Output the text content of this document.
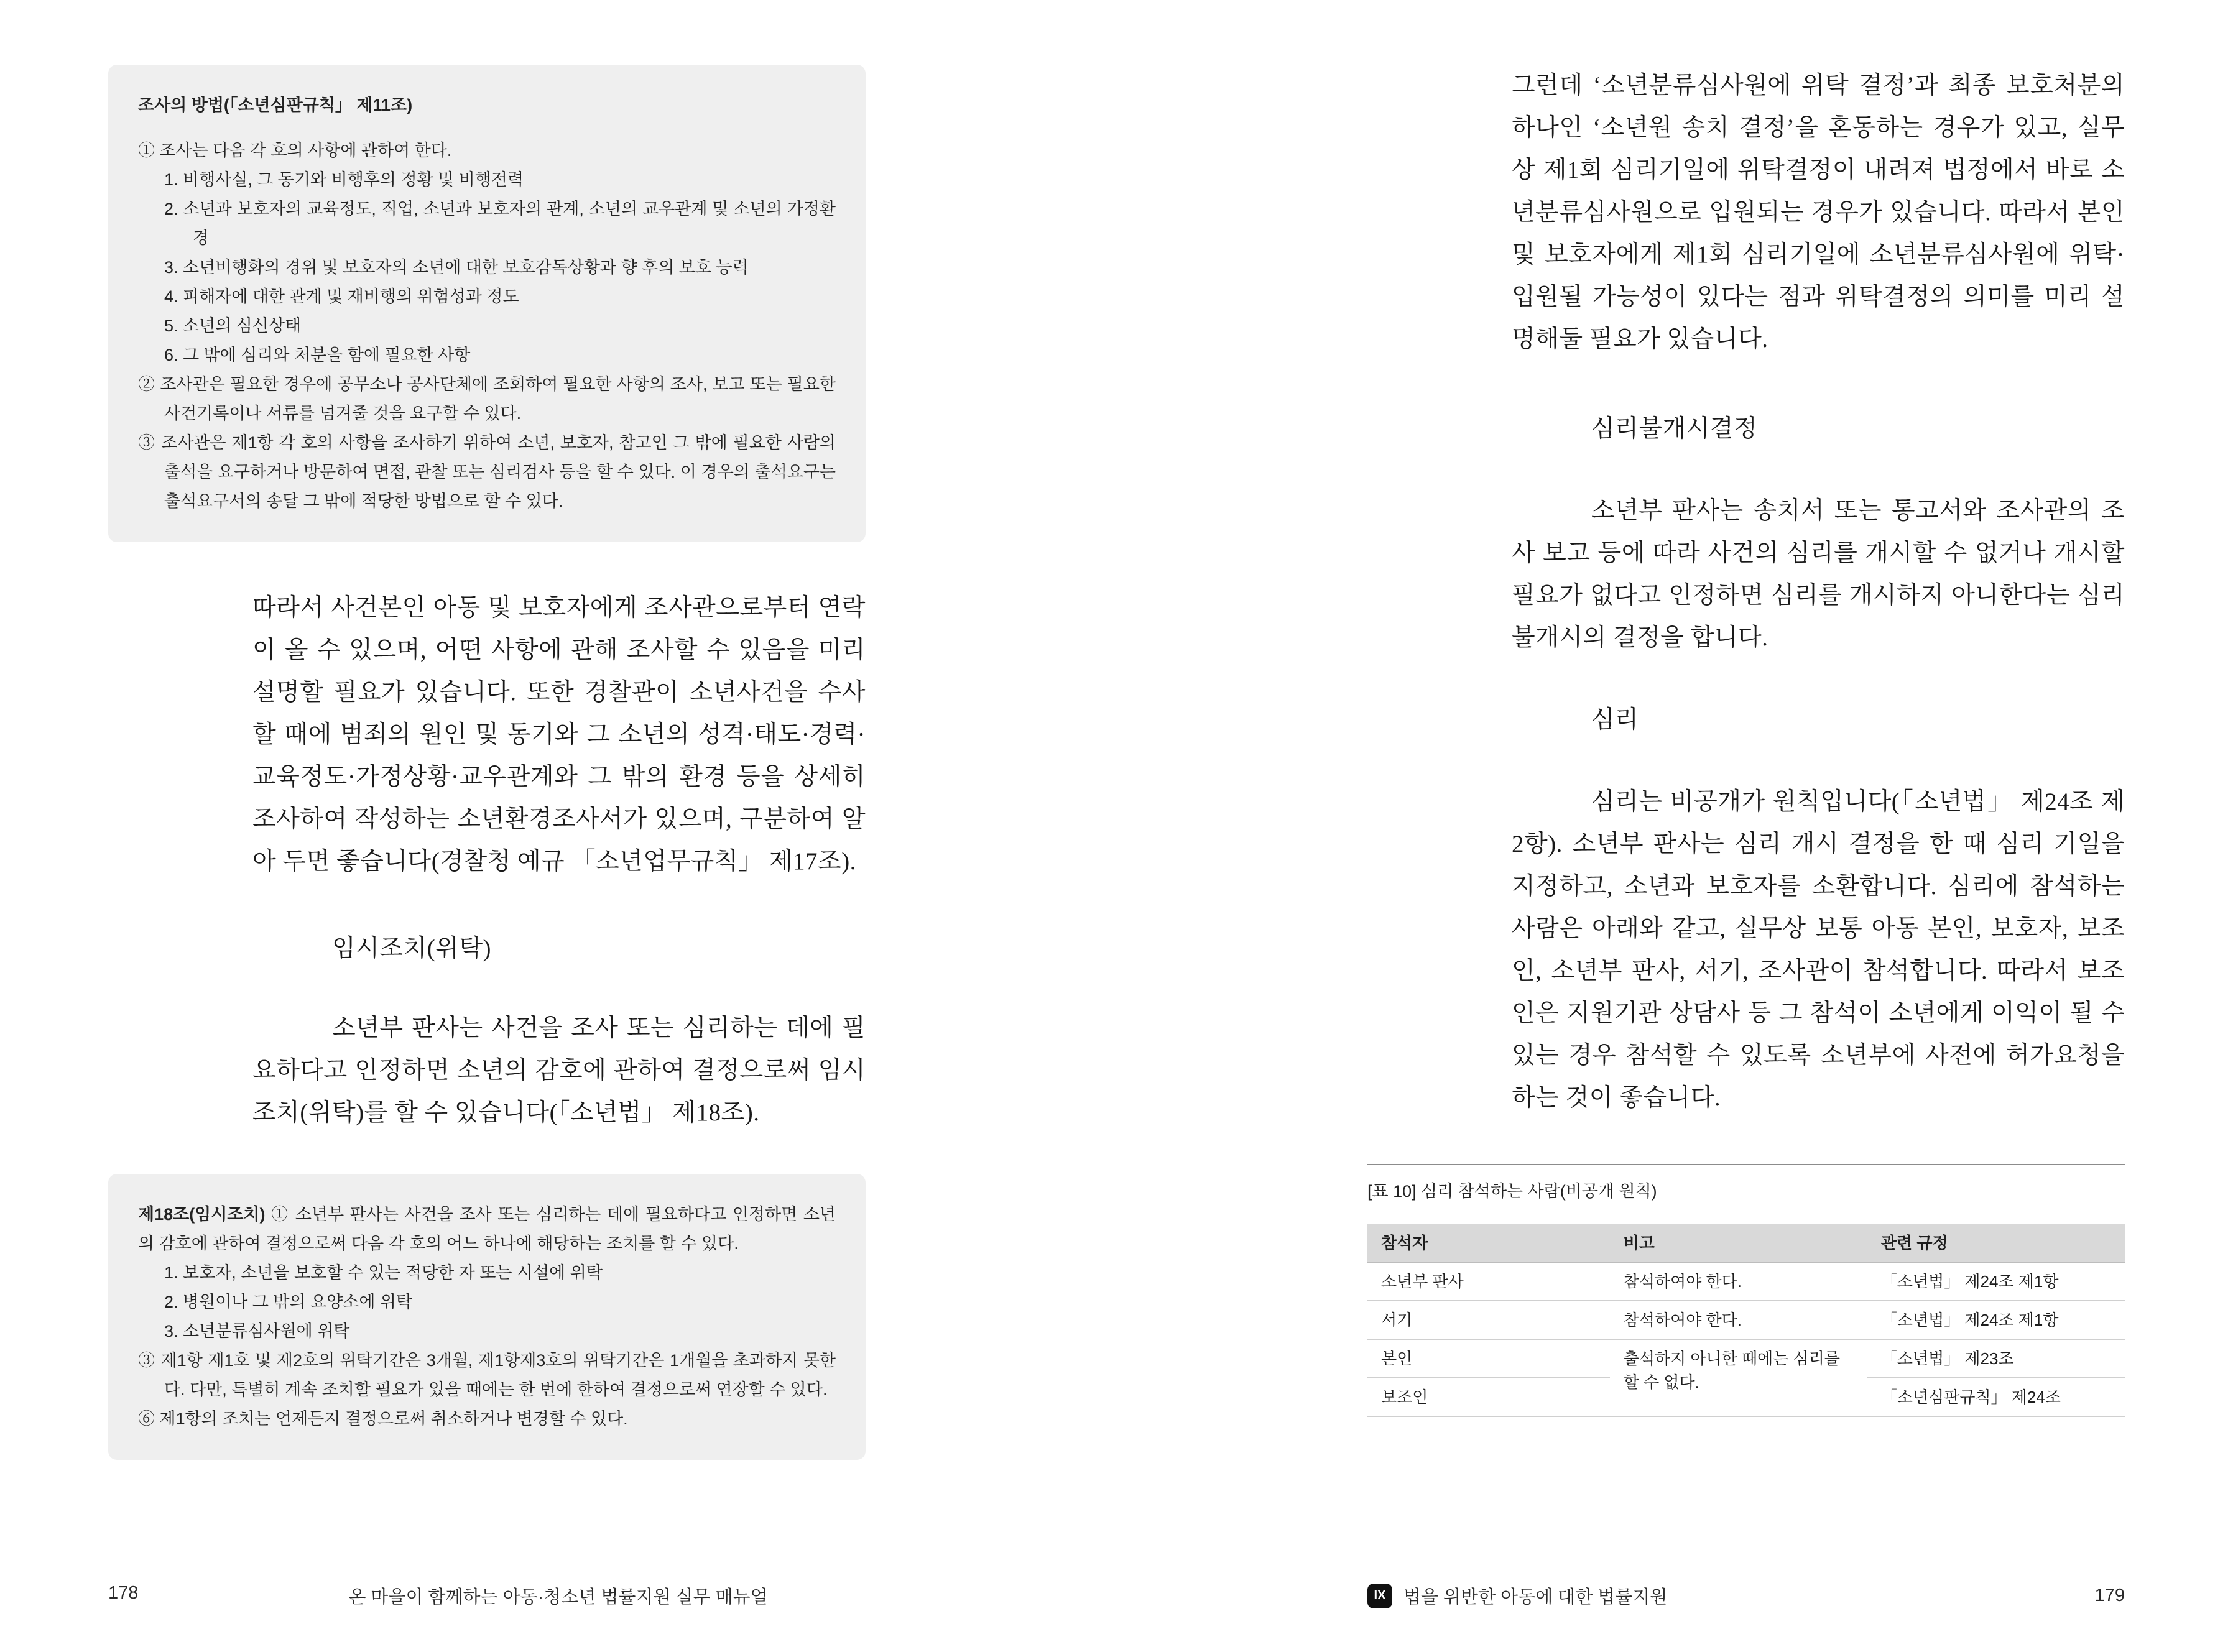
조사의 방법(「소년심판규칙」 제11조)

① 조사는 다음 각 호의 사항에 관하여 한다.

1. 비행사실, 그 동기와 비행후의 정황 및 비행전력

2. 소년과 보호자의 교육정도, 직업, 소년과 보호자의 관계, 소년의 교우관계 및 소년의 가정환경

3. 소년비행화의 경위 및 보호자의 소년에 대한 보호감독상황과 향 후의 보호 능력

4. 피해자에 대한 관계 및 재비행의 위험성과 정도

5. 소년의 심신상태

6. 그 밖에 심리와 처분을 함에 필요한 사항

② 조사관은 필요한 경우에 공무소나 공사단체에 조회하여 필요한 사항의 조사, 보고 또는 필요한 사건기록이나 서류를 넘겨줄 것을 요구할 수 있다.

③ 조사관은 제1항 각 호의 사항을 조사하기 위하여 소년, 보호자, 참고인 그 밖에 필요한 사람의 출석을 요구하거나 방문하여 면접, 관찰 또는 심리검사 등을 할 수 있다. 이 경우의 출석요구는 출석요구서의 송달 그 밖에 적당한 방법으로 할 수 있다.

따라서 사건본인 아동 및 보호자에게 조사관으로부터 연락이 올 수 있으며, 어떤 사항에 관해 조사할 수 있음을 미리 설명할 필요가 있습니다. 또한 경찰관이 소년사건을 수사할 때에 범죄의 원인 및 동기와 그 소년의 성격·태도·경력·교육정도·가정상황·교우관계와 그 밖의 환경 등을 상세히 조사하여 작성하는 소년환경조사서가 있으며, 구분하여 알아 두면 좋습니다(경찰청 예규 「소년업무규칙」 제17조).

임시조치(위탁)

소년부 판사는 사건을 조사 또는 심리하는 데에 필요하다고 인정하면 소년의 감호에 관하여 결정으로써 임시조치(위탁)를 할 수 있습니다(「소년법」 제18조).

제18조(임시조치) ① 소년부 판사는 사건을 조사 또는 심리하는 데에 필요하다고 인정하면 소년의 감호에 관하여 결정으로써 다음 각 호의 어느 하나에 해당하는 조치를 할 수 있다.

1. 보호자, 소년을 보호할 수 있는 적당한 자 또는 시설에 위탁

2. 병원이나 그 밖의 요양소에 위탁

3. 소년분류심사원에 위탁

③ 제1항 제1호 및 제2호의 위탁기간은 3개월, 제1항제3호의 위탁기간은 1개월을 초과하지 못한다. 다만, 특별히 계속 조치할 필요가 있을 때에는 한 번에 한하여 결정으로써 연장할 수 있다.

⑥ 제1항의 조치는 언제든지 결정으로써 취소하거나 변경할 수 있다.

178	온 마을이 함께하는 아동·청소년 법률지원 실무 매뉴얼

그런데 ‘소년분류심사원에 위탁 결정’과 최종 보호처분의 하나인 ‘소년원 송치 결정’을 혼동하는 경우가 있고, 실무상 제1회 심리기일에 위탁결정이 내려져 법정에서 바로 소년분류심사원으로 입원되는 경우가 있습니다. 따라서 본인 및 보호자에게 제1회 심리기일에 소년분류심사원에 위탁·입원될 가능성이 있다는 점과 위탁결정의 의미를 미리 설명해둘 필요가 있습니다.

심리불개시결정

소년부 판사는 송치서 또는 통고서와 조사관의 조사 보고 등에 따라 사건의 심리를 개시할 수 없거나 개시할 필요가 없다고 인정하면 심리를 개시하지 아니한다는 심리 불개시의 결정을 합니다.

심리

심리는 비공개가 원칙입니다(「소년법」 제24조 제2항). 소년부 판사는 심리 개시 결정을 한 때 심리 기일을 지정하고, 소년과 보호자를 소환합니다. 심리에 참석하는 사람은 아래와 같고, 실무상 보통 아동 본인, 보호자, 보조인, 소년부 판사, 서기, 조사관이 참석합니다. 따라서 보조인은 지원기관 상담사 등 그 참석이 소년에게 이익이 될 수 있는 경우 참석할 수 있도록 소년부에 사전에 허가요청을 하는 것이 좋습니다.

[표 10] 심리 참석하는 사람(비공개 원칙)

참석자	비고	관련 규정
소년부 판사	참석하여야 한다.	「소년법」 제24조 제1항
서기	참석하여야 한다.	「소년법」 제24조 제1항
본인	출석하지 아니한 때에는 심리를 할 수 없다.	「소년법」 제23조
보조인		「소년심판규칙」 제24조
IX 법을 위반한 아동에 대한 법률지원	179
